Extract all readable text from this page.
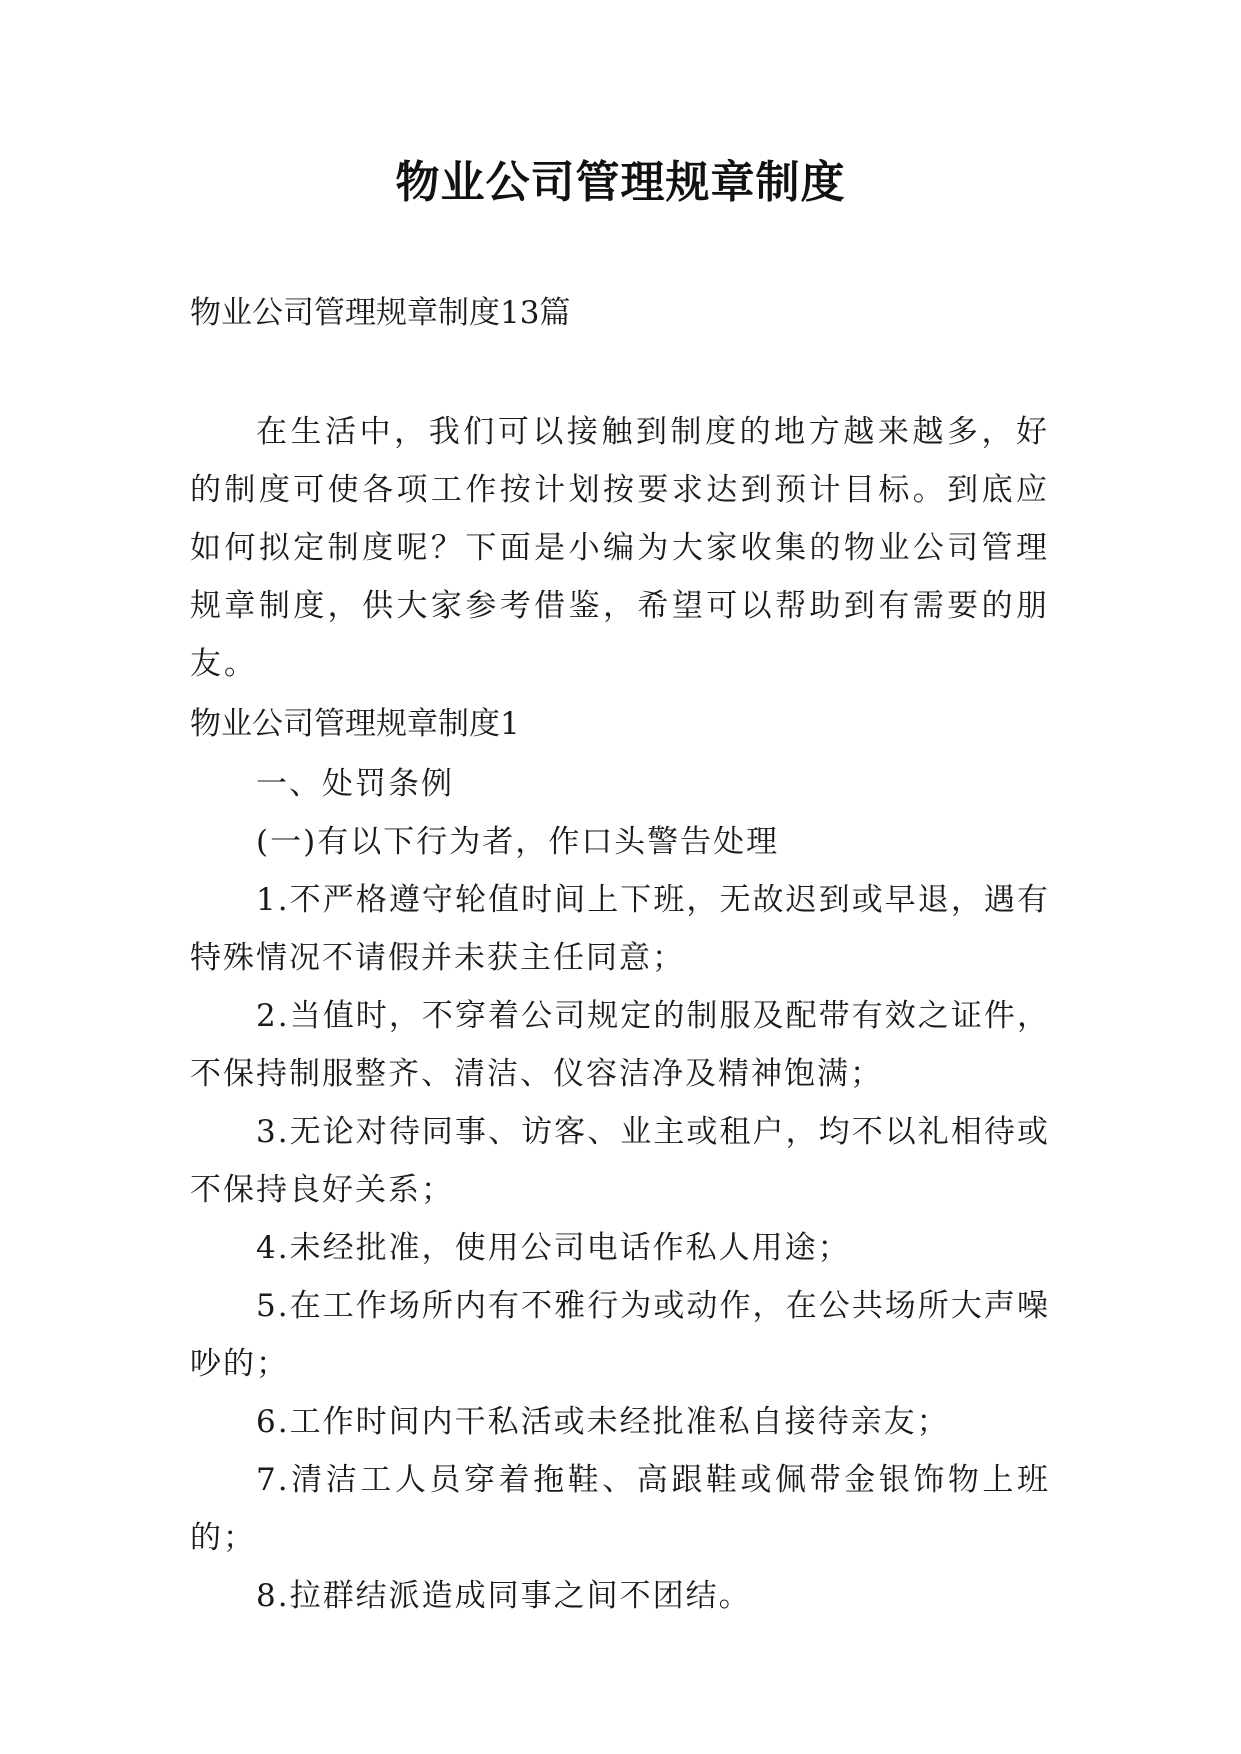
物业公司管理规章制度
物业公司管理规章制度13篇

在生活中，我们可以接触到制度的地方越来越多，好的制度可使各项工作按计划按要求达到预计目标。到底应如何拟定制度呢？下面是小编为大家收集的物业公司管理规章制度，供大家参考借鉴，希望可以帮助到有需要的朋友。

物业公司管理规章制度1

一、处罚条例

(一)有以下行为者，作口头警告处理

1.不严格遵守轮值时间上下班，无故迟到或早退，遇有特殊情况不请假并未获主任同意；

2.当值时，不穿着公司规定的制服及配带有效之证件，不保持制服整齐、清洁、仪容洁净及精神饱满；

3.无论对待同事、访客、业主或租户，均不以礼相待或不保持良好关系；

4.未经批准，使用公司电话作私人用途；

5.在工作场所内有不雅行为或动作，在公共场所大声噪吵的；

6.工作时间内干私活或未经批准私自接待亲友；

7.清洁工人员穿着拖鞋、高跟鞋或佩带金银饰物上班的；

8.拉群结派造成同事之间不团结。
